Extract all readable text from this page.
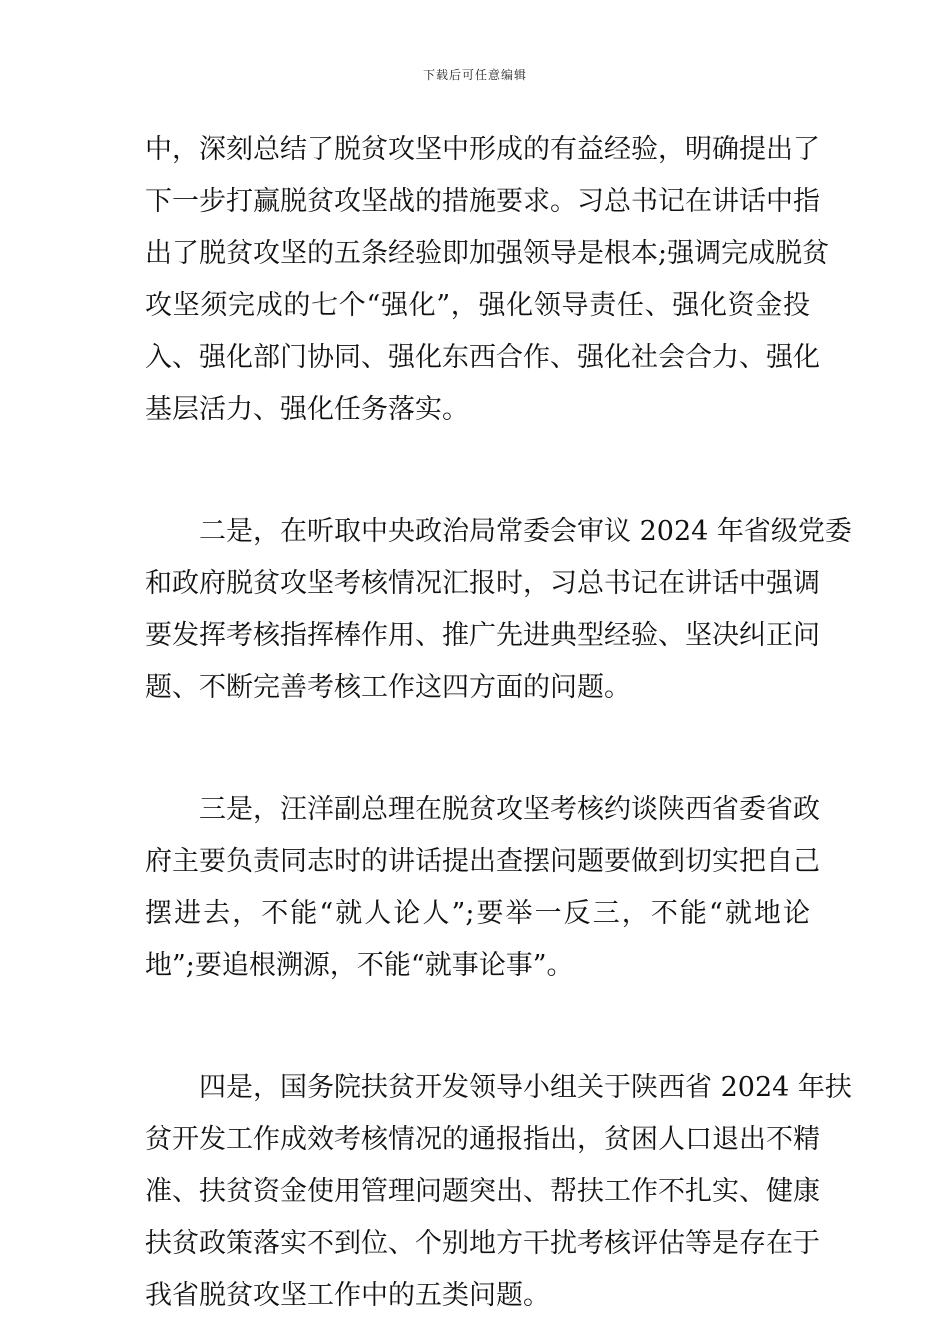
下载后可任意编辑
中，深刻总结了脱贫攻坚中形成的有益经验，明确提出了
下一步打赢脱贫攻坚战的措施要求。习总书记在讲话中指
出了脱贫攻坚的五条经验即加强领导是根本;强调完成脱贫
攻坚须完成的七个“强化”，强化领导责任、强化资金投
入、强化部门协同、强化东西合作、强化社会合力、强化
基层活力、强化任务落实。
二是，在听取中央政治局常委会审议 2024 年省级党委
和政府脱贫攻坚考核情况汇报时，习总书记在讲话中强调
要发挥考核指挥棒作用、推广先进典型经验、坚决纠正问
题、不断完善考核工作这四方面的问题。
三是，汪洋副总理在脱贫攻坚考核约谈陕西省委省政
府主要负责同志时的讲话提出查摆问题要做到切实把自己
摆进去，不能“就人论人”;要举一反三，不能“就地论
地”;要追根溯源，不能“就事论事”。
四是，国务院扶贫开发领导小组关于陕西省 2024 年扶
贫开发工作成效考核情况的通报指出，贫困人口退出不精
准、扶贫资金使用管理问题突出、帮扶工作不扎实、健康
扶贫政策落实不到位、个别地方干扰考核评估等是存在于
我省脱贫攻坚工作中的五类问题。
